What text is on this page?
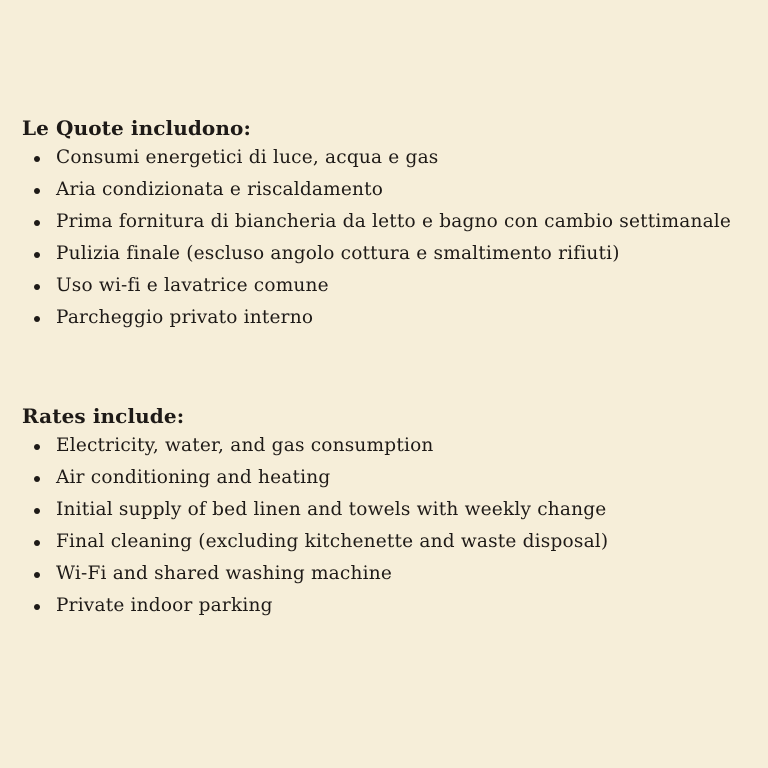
Le Quote includono:
Consumi energetici di luce, acqua e gas
Aria condizionata e riscaldamento
Prima fornitura di biancheria da letto e bagno con cambio settimanale
Pulizia finale (escluso angolo cottura e smaltimento rifiuti)
Uso wi-fi e lavatrice comune
Parcheggio privato interno
Rates include:
Electricity, water, and gas consumption
Air conditioning and heating
Initial supply of bed linen and towels with weekly change
Final cleaning (excluding kitchenette and waste disposal)
Wi-Fi and shared washing machine
Private indoor parking
